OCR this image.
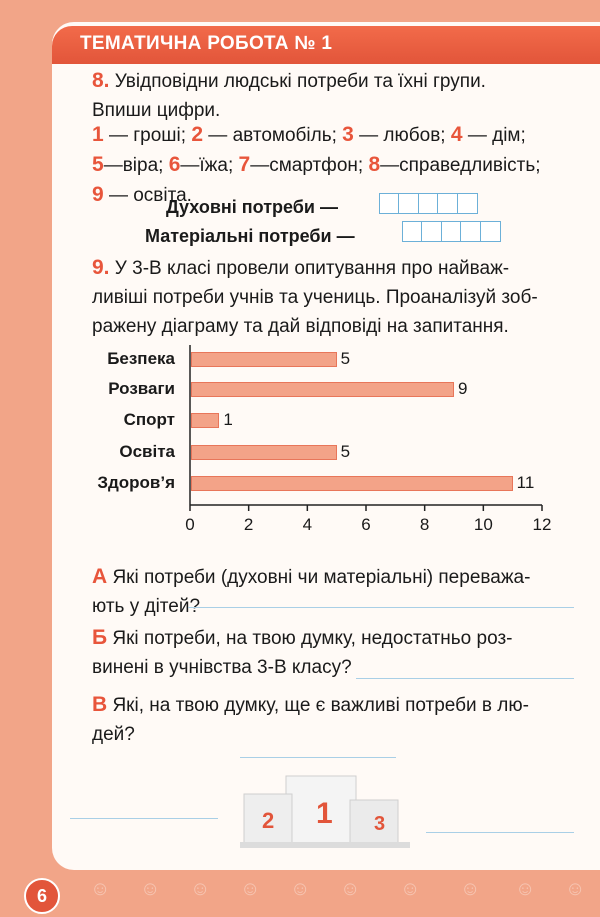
ТЕМАТИЧНА РОБОТА № 1
8. Увідповідни людські потреби та їхні групи.
Впиши цифри.
1 — гроші; 2 — автомобіль; 3 — любов; 4 — дім;
5—віра; 6—їжа; 7—смартфон; 8—справедливість;
9 — освіта.
Духовні потреби —
Матеріальні потреби —
9. У 3-В класі провели опитування про найваж-
ливіші потреби учнів та учениць. Проаналізуй зоб-
ражену діаграму та дай відповіді на запитання.
0	2	4	6	8	10	12
Безпека	5
Розваги	9
Спорт	1
Освіта	5
Здоров’я	11
А Які потреби (духовні чи матеріальні) переважа-
ють у дітей?
Б Які потреби, на твою думку, недостатньо роз-
винені в учнівства 3-В класу?
В Які, на твою думку, ще є важливі потреби в лю-
дей?
1
2	3
6	☺ ☺ ☺ ☺ ☺ ☺ ☺ ☺ ☺ ☺
